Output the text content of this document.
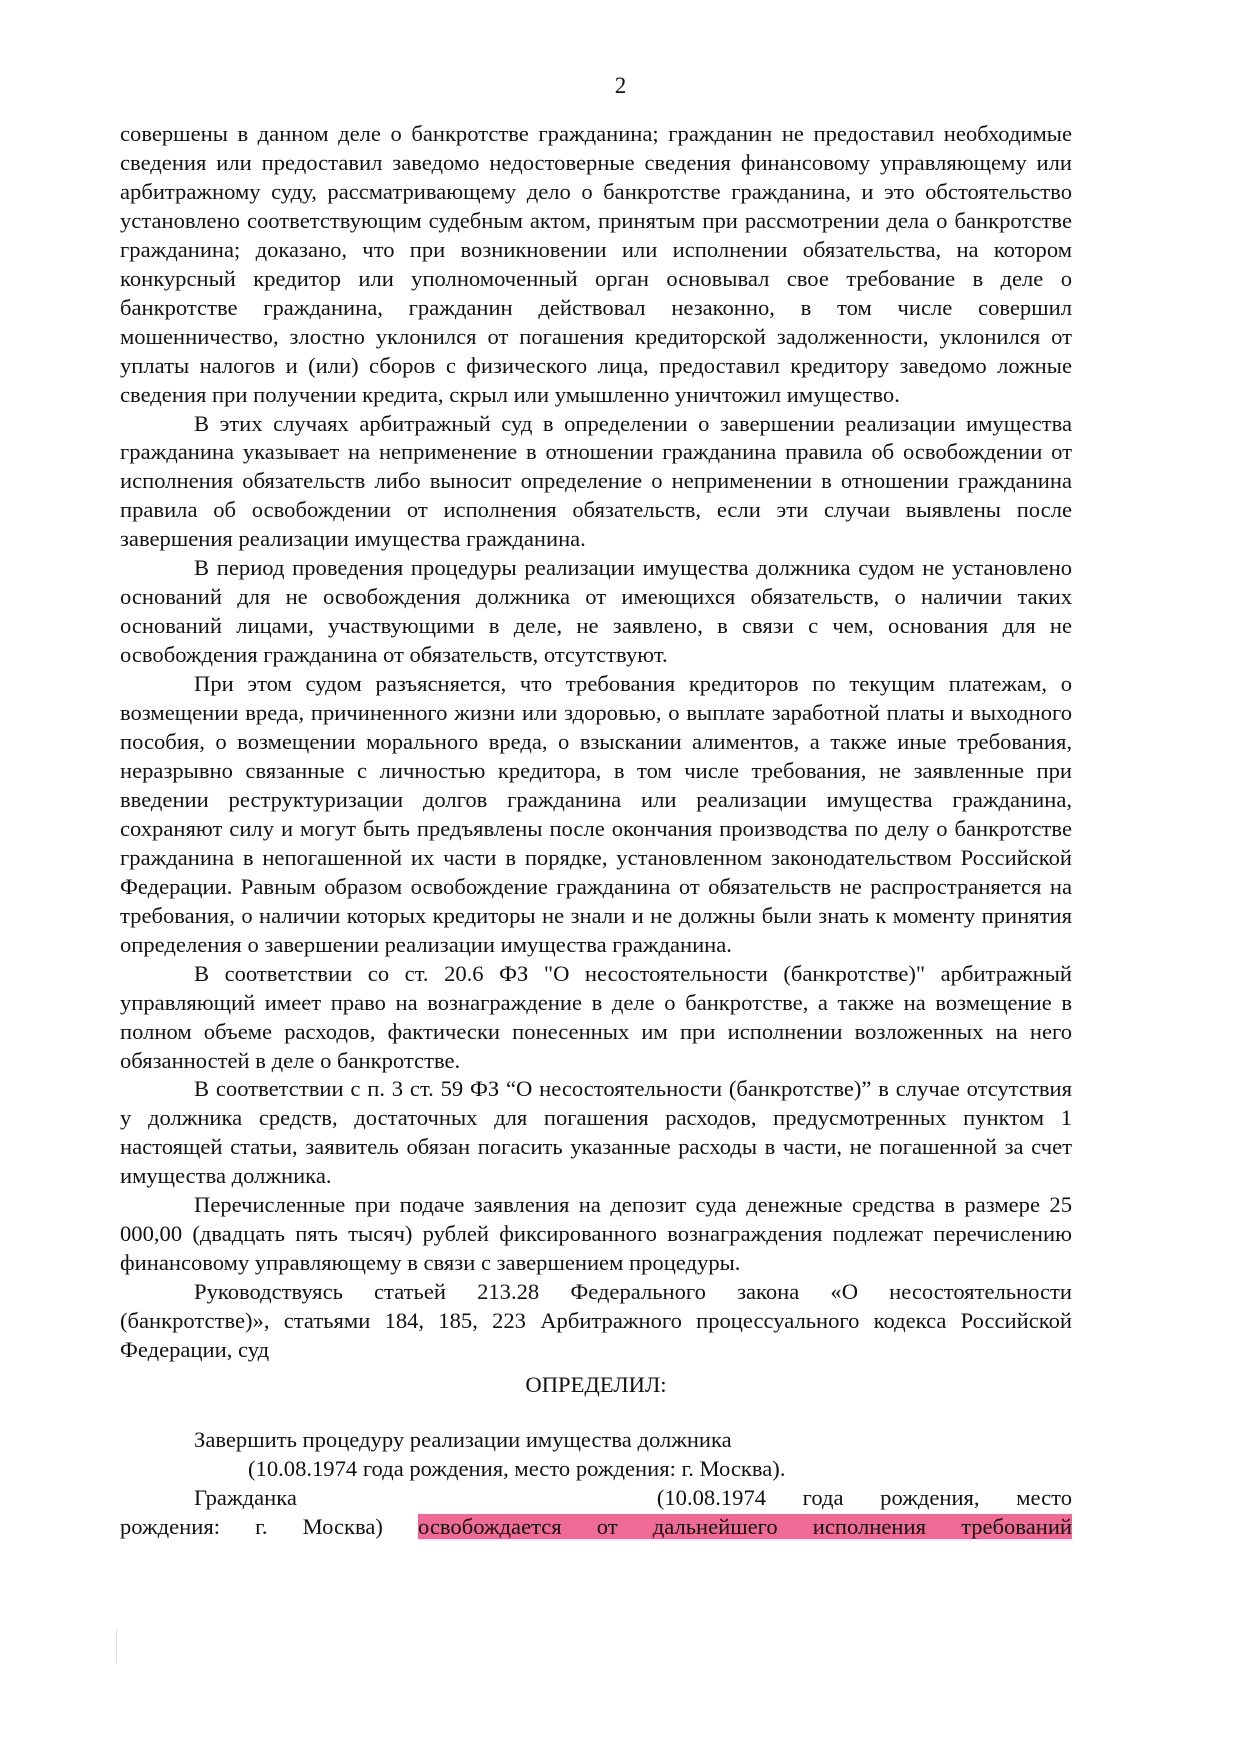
2

совершены в данном деле о банкротстве гражданина; гражданин не предоставил необходимые сведения или предоставил заведомо недостоверные сведения финансовому управляющему или арбитражному суду, рассматривающему дело о банкротстве гражданина, и это обстоятельство установлено соответствующим судебным актом, принятым при рассмотрении дела о банкротстве гражданина; доказано, что при возникновении или исполнении обязательства, на котором конкурсный кредитор или уполномоченный орган основывал свое требование в деле о банкротстве гражданина, гражданин действовал незаконно, в том числе совершил мошенничество, злостно уклонился от погашения кредиторской задолженности, уклонился от уплаты налогов и (или) сборов с физического лица, предоставил кредитору заведомо ложные сведения при получении кредита, скрыл или умышленно уничтожил имущество.

В этих случаях арбитражный суд в определении о завершении реализации имущества гражданина указывает на неприменение в отношении гражданина правила об освобождении от исполнения обязательств либо выносит определение о неприменении в отношении гражданина правила об освобождении от исполнения обязательств, если эти случаи выявлены после завершения реализации имущества гражданина.

В период проведения процедуры реализации имущества должника судом не установлено оснований для не освобождения должника от имеющихся обязательств, о наличии таких оснований лицами, участвующими в деле, не заявлено, в связи с чем, основания для не освобождения гражданина от обязательств, отсутствуют.

При этом судом разъясняется, что требования кредиторов по текущим платежам, о возмещении вреда, причиненного жизни или здоровью, о выплате заработной платы и выходного пособия, о возмещении морального вреда, о взыскании алиментов, а также иные требования, неразрывно связанные с личностью кредитора, в том числе требования, не заявленные при введении реструктуризации долгов гражданина или реализации имущества гражданина, сохраняют силу и могут быть предъявлены после окончания производства по делу о банкротстве гражданина в непогашенной их части в порядке, установленном законодательством Российской Федерации. Равным образом освобождение гражданина от обязательств не распространяется на требования, о наличии которых кредиторы не знали и не должны были знать к моменту принятия определения о завершении реализации имущества гражданина.

В соответствии со ст. 20.6 ФЗ "О несостоятельности (банкротстве)" арбитражный управляющий имеет право на вознаграждение в деле о банкротстве, а также на возмещение в полном объеме расходов, фактически понесенных им при исполнении возложенных на него обязанностей в деле о банкротстве.

В соответствии с п. 3 ст. 59 ФЗ “О несостоятельности (банкротстве)” в случае отсутствия у должника средств, достаточных для погашения расходов, предусмотренных пунктом 1 настоящей статьи, заявитель обязан погасить указанные расходы в части, не погашенной за счет имущества должника.

Перечисленные при подаче заявления на депозит суда денежные средства в размере 25 000,00 (двадцать пять тысяч) рублей фиксированного вознаграждения подлежат перечислению финансовому управляющему в связи с завершением процедуры.

Руководствуясь статьей 213.28 Федерального закона «О несостоятельности (банкротстве)», статьями 184, 185, 223 Арбитражного процессуального кодекса Российской Федерации, суд

ОПРЕДЕЛИЛ:

Завершить процедуру реализации имущества должника

(10.08.1974 года рождения, место рождения: г. Москва).

Гражданка	(10.08.1974 года рождения, место рождения: г. Москва) освобождается от дальнейшего исполнения требований
